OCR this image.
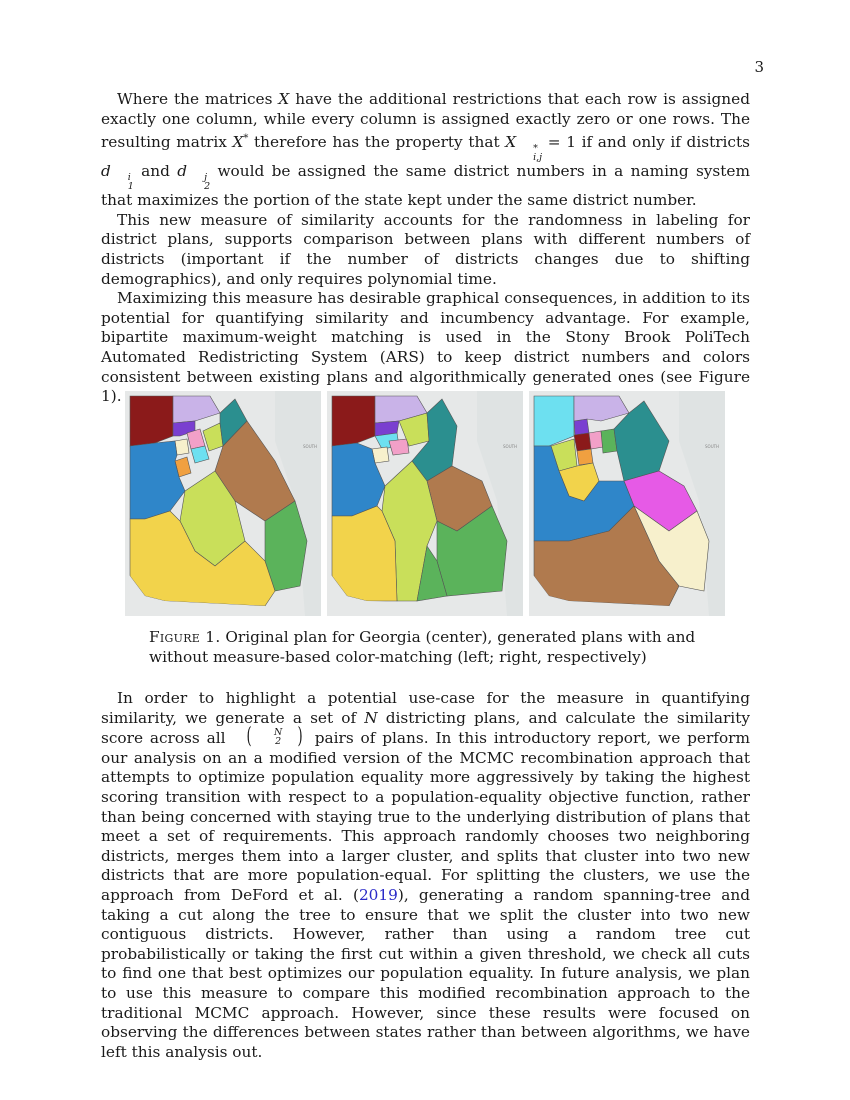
3

Where the matrices X have the additional restrictions that each row is assigned exactly one column, while every column is assigned exactly zero or one rows. The resulting matrix X* therefore has the property that X	*
i,j
= 1 if and only if districts d	i
1
and d	j
2
would be assigned the same district numbers in a naming system that maximizes the portion of the state kept under the same district number.

This new measure of similarity accounts for the randomness in labeling for district plans, supports comparison between plans with different numbers of districts (important if the number of districts changes due to shifting demographics), and only requires polynomial time.

Maximizing this measure has desirable graphical consequences, in addition to its potential for quantifying similarity and incumbency advantage. For example, bipartite maximum-weight matching is used in the Stony Brook PoliTech Automated Redistricting System (ARS) to keep district numbers and colors consistent between existing plans and algorithmically generated ones (see Figure 1).

SOUTH	SOUTH	SOUTH
Figure 1. Original plan for Georgia (center), generated plans with and without measure-based color-matching (left; right, respectively)

In order to highlight a potential use-case for the measure in quantifying similarity, we generate a set of N districting plans, and calculate the similarity score across all (	N
2 ) pairs of plans. In this introductory report, we perform our analysis on an a modified version of the MCMC recombination approach that attempts to optimize population equality more aggressively by taking the highest scoring transition with respect to a population-equality objective function, rather than being concerned with staying true to the underlying distribution of plans that meet a set of requirements. This approach randomly chooses two neighboring districts, merges them into a larger cluster, and splits that cluster into two new districts that are more population-equal. For splitting the clusters, we use the approach from DeFord et al. (2019), generating a random spanning-tree and taking a cut along the tree to ensure that we split the cluster into two new contiguous districts. However, rather than using a random tree cut probabilistically or taking the first cut within a given threshold, we check all cuts to find one that best optimizes our population equality. In future analysis, we plan to use this measure to compare this modified recombination approach to the traditional MCMC approach. However, since these results were focused on observing the differences between states rather than between algorithms, we have left this analysis out.
